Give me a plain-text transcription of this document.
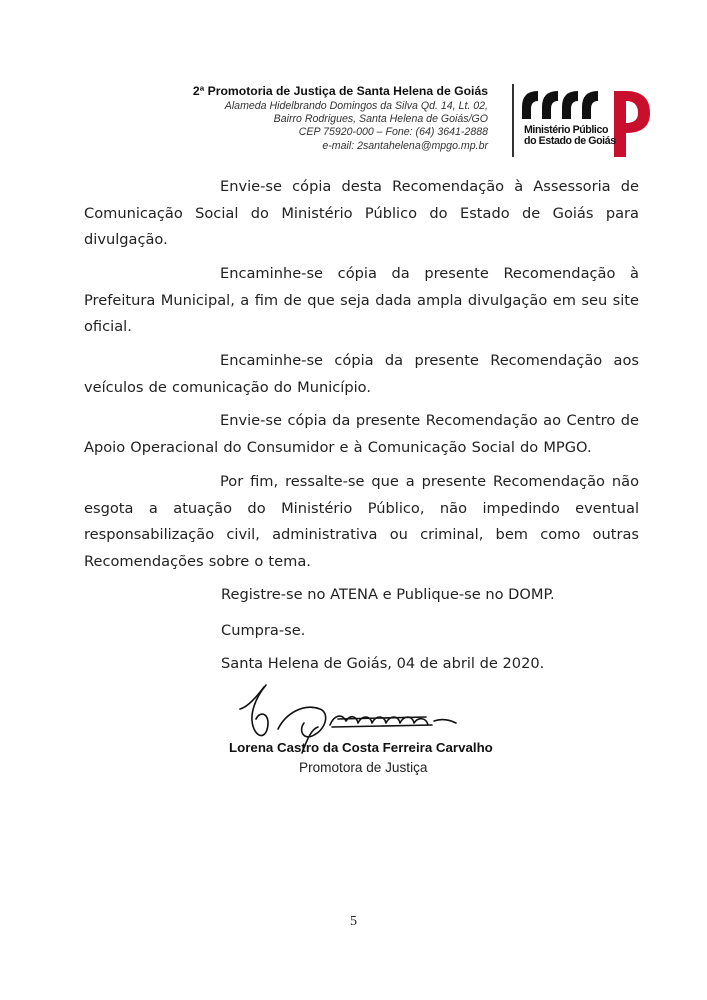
2ª Promotoria de Justiça de Santa Helena de Goiás
Alameda Hidelbrando Domingos da Silva Qd. 14, Lt. 02,
Bairro Rodrigues, Santa Helena de Goiás/GO
CEP 75920-000 – Fone: (64) 3641-2888
e-mail: 2santahelena@mpgo.mp.br
Ministério Público
do Estado de Goiás

Envie-se cópia desta Recomendação à Assessoria de Comunicação Social do Ministério Público do Estado de Goiás para divulgação.

Encaminhe-se cópia da presente Recomendação à Prefeitura Municipal, a fim de que seja dada ampla divulgação em seu site oficial.

Encaminhe-se cópia da presente Recomendação aos veículos de comunicação do Município.

Envie-se cópia da presente Recomendação ao Centro de Apoio Operacional do Consumidor e à Comunicação Social do MPGO.

Por fim, ressalte-se que a presente Recomendação não esgota a atuação do Ministério Público, não impedindo eventual responsabilização civil, administrativa ou criminal, bem como outras Recomendações sobre o tema.

Registre-se no ATENA e Publique-se no DOMP.

Cumpra-se.

Santa Helena de Goiás, 04 de abril de 2020.

Lorena Castro da Costa Ferreira Carvalho
Promotora de Justiça
5
